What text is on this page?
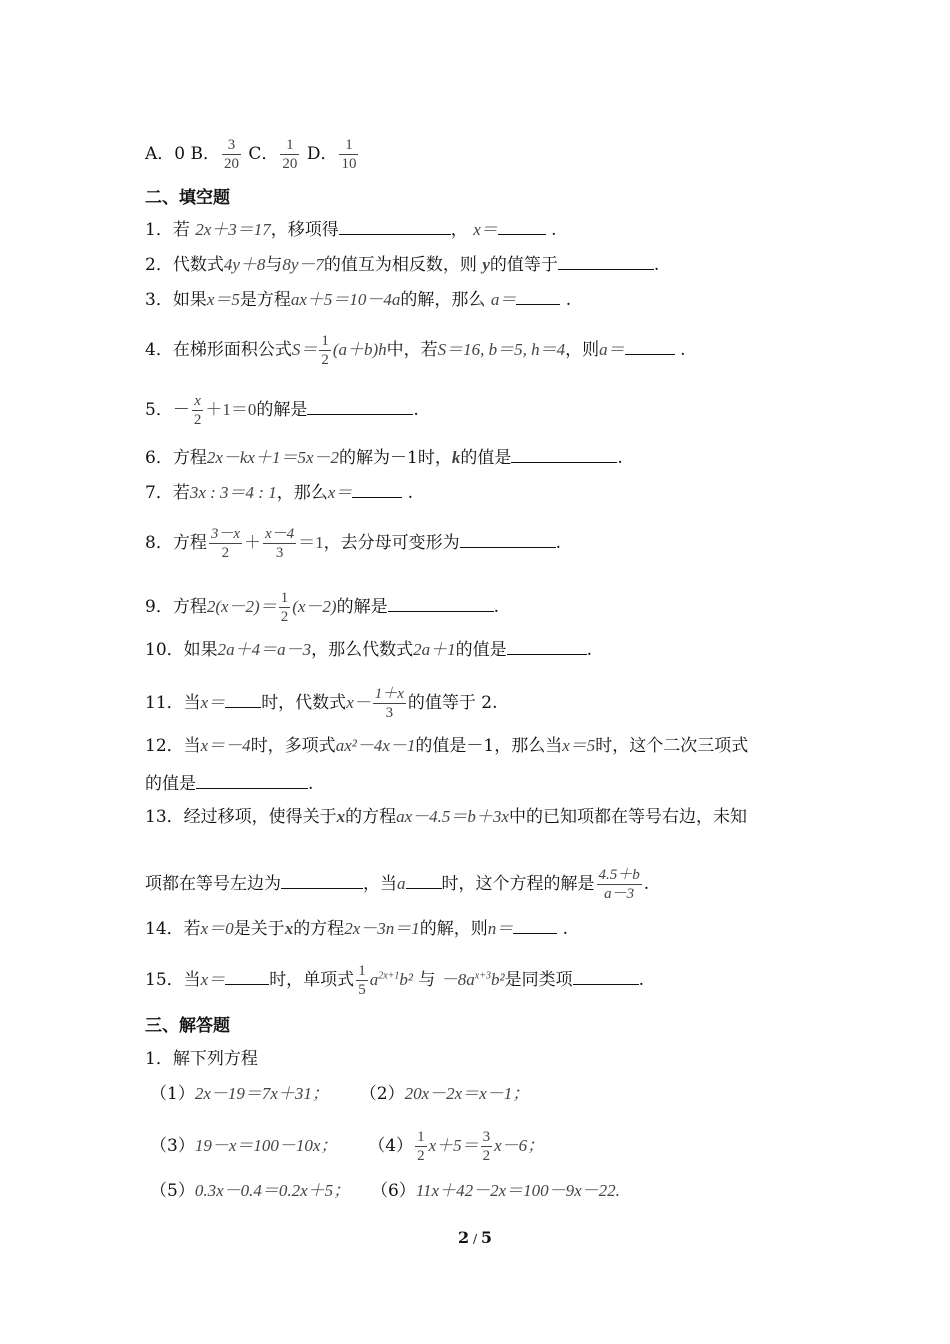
A．0 B． $\frac{3}{20}$ C． $\frac{1}{20}$ D． $\frac{1}{10}$
二、填空题
1．若 2x＋3＝17，移项得	， x＝	.
2．代数式4y＋8与8y－7的值互为相反数，则 y的值等于	.
3．如果x＝5是方程ax＋5＝10－4a的解，那么 a＝	.
4．在梯形面积公式$S= \frac{1}{2} (a+b)h$中，若S＝16, b＝5, h＝4，则a＝	.
5．－ $\frac{x}{2} +1=0$的解是	.
6．方程2x－kx＋1＝5x－2的解为－1时，k的值是	.
7．若3x : 3＝4 : 1，那么x＝	.
8．方程 $\frac{3-x}{2} + \frac{x-4}{3} =1$，去分母可变形为	.
9．方程$2(x-2)= \frac{1}{2} (x-2)$的解是	.
10．如果2a＋4＝a－3，那么代数式2a＋1的值是	.
11．当x＝ 时，代数式$x- \frac{1+x}{3}$ 的值等于 2.
12．当x＝－4时，多项式ax²－4x－1的值是－1，那么当x＝5时，这个二次三项式
的值是	.
13．经过移项，使得关于x的方程ax－4.5＝b＋3x中的已知项都在等号右边，未知
项都在等号左边为	，当a 时，这个方程的解是 $\frac{4.5+b}{a-3}$ .
14．若x＝0是关于x的方程2x－3n＝1的解，则n＝	.
15．当x＝	时，单项式 $\frac{1}{5} a^{2x+1}b^2$ 与 $-8a^{x+3}b^2$是同类项	.
三、解答题
1．解下列方程
（1）2x－19＝7x＋31； （2）20x－2x＝x－1；
（3）19－x＝100－10x； $(4) \frac{1}{2} x+5= \frac{3}{2} x-6$；
（5）0.3x－0.4＝0.2x＋5； （6）11x＋42－2x＝100－9x－22.
2 / 5
